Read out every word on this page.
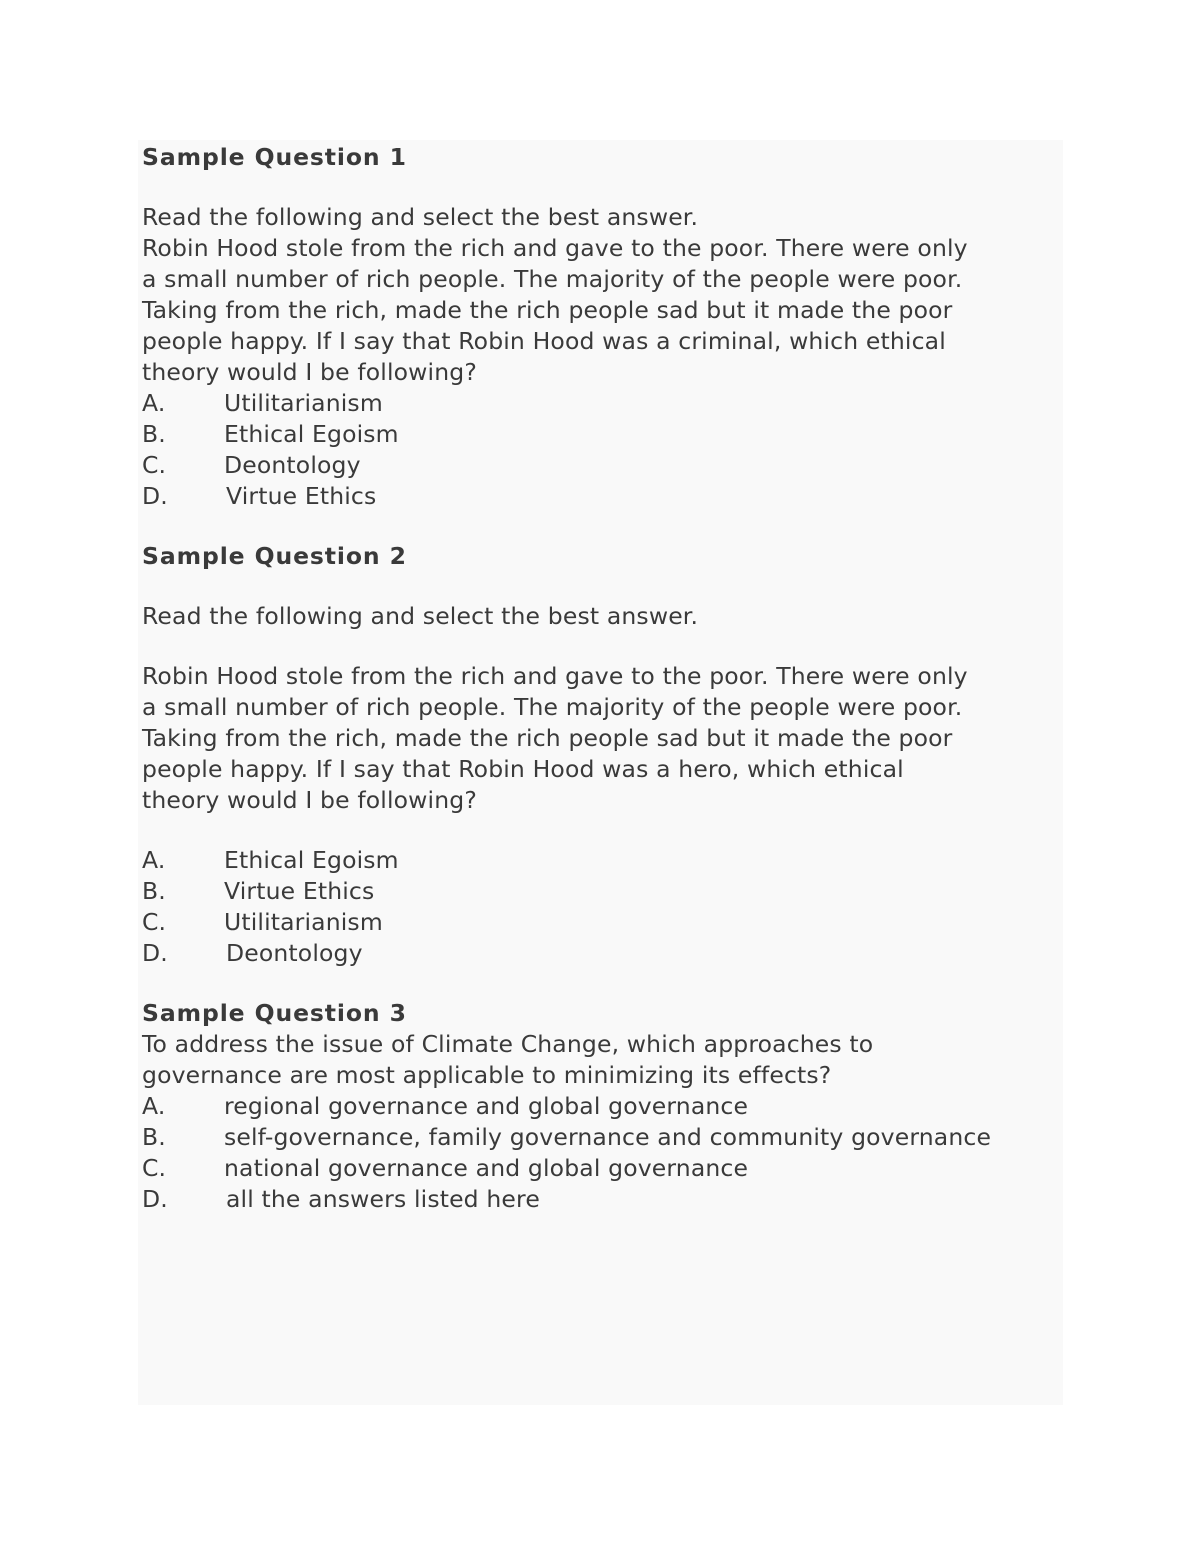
Sample Question 1

Read the following and select the best answer.

Robin Hood stole from the rich and gave to the poor. There were only

a small number of rich people. The majority of the people were poor.

Taking from the rich, made the rich people sad but it made the poor

people happy. If I say that Robin Hood was a criminal, which ethical

theory would I be following?

A.	Utilitarianism
B.	Ethical Egoism
C.	Deontology
D.	Virtue Ethics

Sample Question 2

Read the following and select the best answer.

Robin Hood stole from the rich and gave to the poor. There were only

a small number of rich people. The majority of the people were poor.

Taking from the rich, made the rich people sad but it made the poor

people happy. If I say that Robin Hood was a hero, which ethical

theory would I be following?

A.	Ethical Egoism
B.	Virtue Ethics
C.	Utilitarianism
D.	Deontology

Sample Question 3

To address the issue of Climate Change, which approaches to

governance are most applicable to minimizing its effects?

A.	regional governance and global governance
B.	self-governance, family governance and community governance
C.	national governance and global governance
D.	all the answers listed here
